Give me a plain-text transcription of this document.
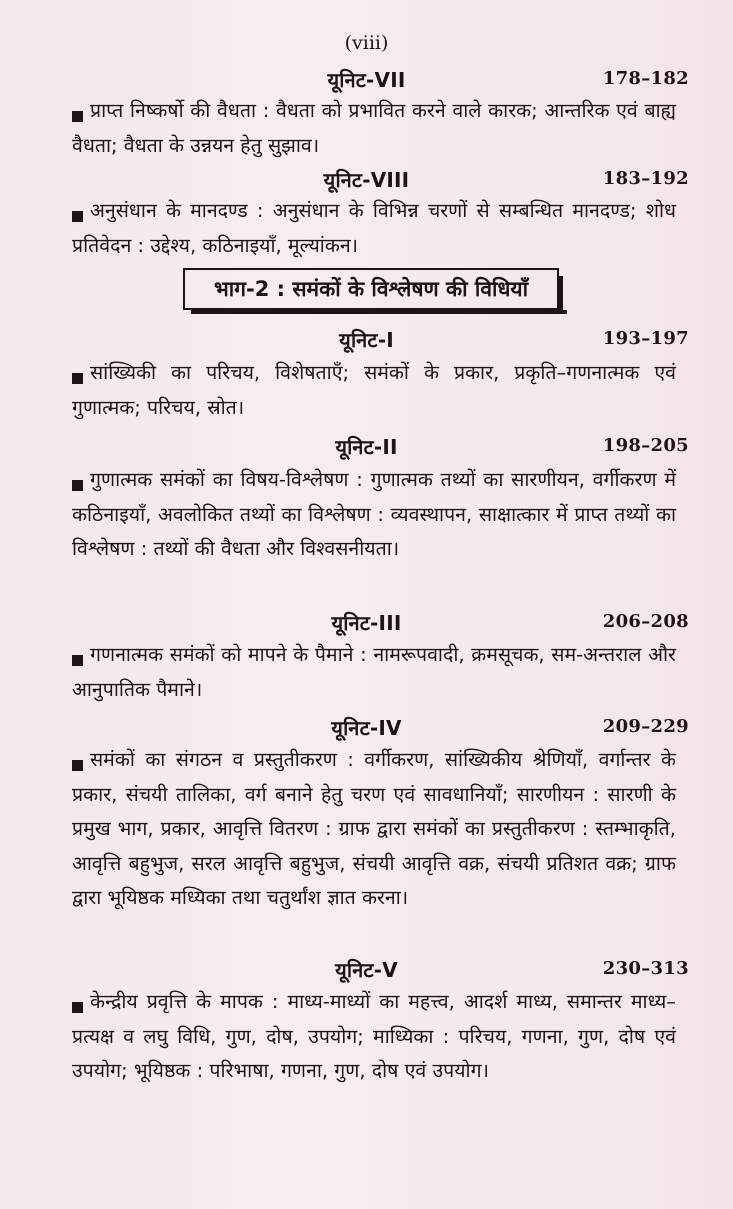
(viii)
यूनिट-VII	178–182
प्राप्त निष्कर्षो की वैधता : वैधता को प्रभावित करने वाले कारक; आन्तरिक एवं बाह्य वैधता; वैधता के उन्नयन हेतु सुझाव।
यूनिट-VIII	183–192
अनुसंधान के मानदण्ड : अनुसंधान के विभिन्न चरणों से सम्बन्धित मानदण्ड; शोध प्रतिवेदन : उद्देश्य, कठिनाइयाँ, मूल्यांकन।
भाग-2 : समंकों के विश्लेषण की विधियाँ
यूनिट-I	193–197
सांख्यिकी का परिचय, विशेषताएँ; समंकों के प्रकार, प्रकृति–गणनात्मक एवं गुणात्मक; परिचय, स्रोत।
यूनिट-II	198–205
गुणात्मक समंकों का विषय-विश्लेषण : गुणात्मक तथ्यों का सारणीयन, वर्गीकरण में कठिनाइयाँ, अवलोकित तथ्यों का विश्लेषण : व्यवस्थापन, साक्षात्कार में प्राप्त तथ्यों का विश्लेषण : तथ्यों की वैधता और विश्वसनीयता।
यूनिट-III	206–208
गणनात्मक समंकों को मापने के पैमाने : नामरूपवादी, क्रमसूचक, सम-अन्तराल और आनुपातिक पैमाने।
यूनिट-IV	209–229
समंकों का संगठन व प्रस्तुतीकरण : वर्गीकरण, सांख्यिकीय श्रेणियाँ, वर्गान्तर के प्रकार, संचयी तालिका, वर्ग बनाने हेतु चरण एवं सावधानियाँ; सारणीयन : सारणी के प्रमुख भाग, प्रकार, आवृत्ति वितरण : ग्राफ द्वारा समंकों का प्रस्तुतीकरण : स्तम्भाकृति, आवृत्ति बहुभुज, सरल आवृत्ति बहुभुज, संचयी आवृत्ति वक्र, संचयी प्रतिशत वक्र; ग्राफ द्वारा भूयिष्ठक मध्यिका तथा चतुर्थांश ज्ञात करना।
यूनिट-V	230–313
केन्द्रीय प्रवृत्ति के मापक : माध्य-माध्यों का महत्त्व, आदर्श माध्य, समान्तर माध्य–प्रत्यक्ष व लघु विधि, गुण, दोष, उपयोग; माध्यिका : परिचय, गणना, गुण, दोष एवं उपयोग; भूयिष्ठक : परिभाषा, गणना, गुण, दोष एवं उपयोग।
